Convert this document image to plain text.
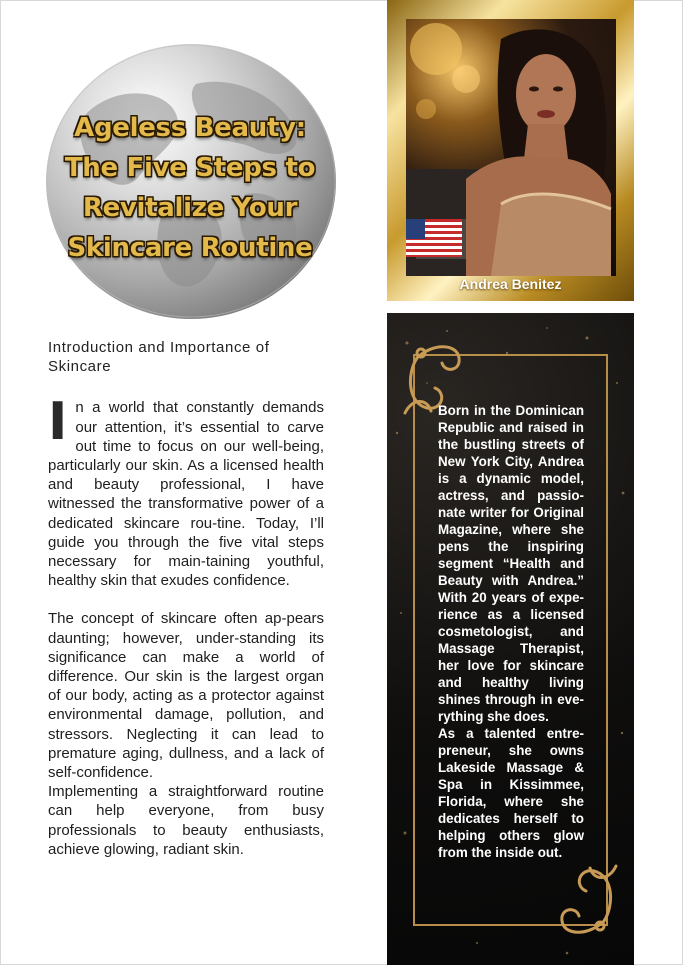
Ageless Beauty:
The Five Steps to
Revitalize Your
Skincare Routine
Andrea Benitez

Introduction and Importance of Skincare

In a world that constantly demands our attention, it’s essential to carve out time to focus on our well-being, particularly our skin. As a licensed health and beauty professional, I have witnessed the transformative power of a dedicated skincare rou-tine. Today, I’ll guide you through the five vital steps necessary for main-taining youthful, healthy skin that exudes confidence.

The concept of skincare often ap-pears daunting; however, under-standing its significance can make a world of difference. Our skin is the largest organ of our body, acting as a protector against environmental damage, pollution, and stressors. Neglecting it can lead to premature aging, dullness, and a lack of self-confidence.

Implementing a straightforward routine can help everyone, from busy professionals to beauty enthusiasts, achieve glowing, radiant skin.

Born in the Dominican Republic and raised in the bustling streets of New York City, Andrea is a dynamic model, actress, and passio-nate writer for Original Magazine, where she pens the inspiring segment “Health and Beauty with Andrea.” With 20 years of expe-rience as a licensed cosmetologist, and Massage Therapist, her love for skincare and healthy living shines through in eve-rything she does.

As a talented entre-preneur, she owns Lakeside Massage & Spa in Kissimmee, Florida, where she dedicates herself to helping others glow from the inside out.
